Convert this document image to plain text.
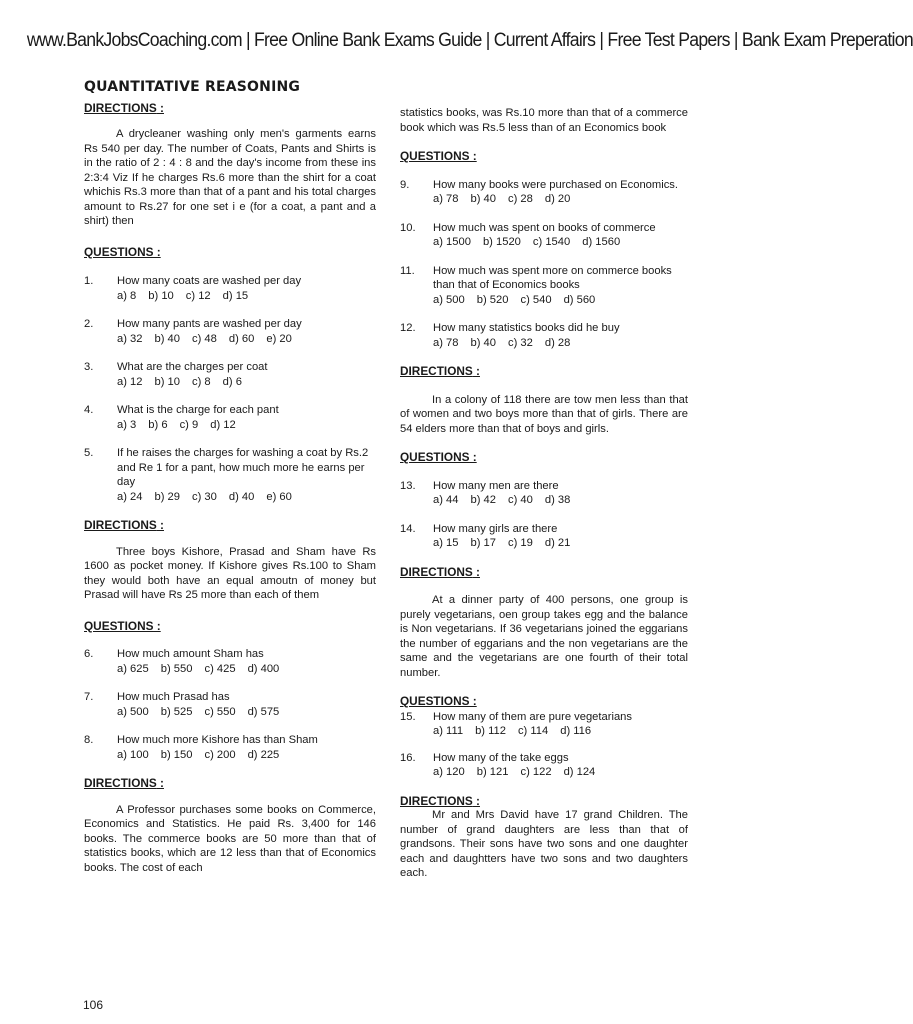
www.BankJobsCoaching.com | Free Online Bank Exams Guide | Current Affairs | Free Test Papers | Bank Exam Preperation
QUANTITATIVE REASONING
DIRECTIONS :

A drycleaner washing only men's garments earns Rs 540 per day. The number of Coats, Pants and Shirts is in the ratio of 2 : 4 : 8 and the day's income from these ins 2:3:4 Viz If he charges Rs.6 more than the shirt for a coat whichis Rs.3 more than that of a pant and his total charges amount to Rs.27 for one set i e (for a coat, a pant and a shirt) then

QUESTIONS :
1.	How many coats are washed per day
a) 8 b) 10 c) 12 d) 15
2.	How many pants are washed per day
a) 32 b) 40 c) 48 d) 60 e) 20
3.	What are the charges per coat
a) 12 b) 10 c) 8 d) 6
4.	What is the charge for each pant
a) 3 b) 6 c) 9 d) 12
5.	If he raises the charges for washing a coat by Rs.2 and Re 1 for a pant, how much more he earns per day
a) 24 b) 29 c) 30 d) 40 e) 60
DIRECTIONS :

Three boys Kishore, Prasad and Sham have Rs 1600 as pocket money. If Kishore gives Rs.100 to Sham they would both have an equal amoutn of money but Prasad will have Rs 25 more than each of them

QUESTIONS :
6.	How much amount Sham has
a) 625 b) 550 c) 425 d) 400
7.	How much Prasad has
a) 500 b) 525 c) 550 d) 575
8.	How much more Kishore has than Sham
a) 100 b) 150 c) 200 d) 225
DIRECTIONS :

A Professor purchases some books on Commerce, Economics and Statistics. He paid Rs. 3,400 for 146 books. The commerce books are 50 more than that of statistics books, which are 12 less than that of Economics books. The cost of each

statistics books, was Rs.10 more than that of a commerce book which was Rs.5 less than of an Economics book

QUESTIONS :
9.	How many books were purchased on Economics.
a) 78 b) 40 c) 28 d) 20
10.	How much was spent on books of commerce
a) 1500 b) 1520 c) 1540 d) 1560
11.	How much was spent more on commerce books than that of Economics books
a) 500 b) 520 c) 540 d) 560
12.	How many statistics books did he buy
a) 78 b) 40 c) 32 d) 28
DIRECTIONS :

In a colony of 118 there are tow men less than that of women and two boys more than that of girls. There are 54 elders more than that of boys and girls.

QUESTIONS :
13.	How many men are there
a) 44 b) 42 c) 40 d) 38
14.	How many girls are there
a) 15 b) 17 c) 19 d) 21
DIRECTIONS :

At a dinner party of 400 persons, one group is purely vegetarians, oen group takes egg and the balance is Non vegetarians. If 36 vegetarians joined the eggarians the number of eggarians and the non vegetarians are the same and the vegetarians are one fourth of their total number.

QUESTIONS :
15.	How many of them are pure vegetarians
a) 111 b) 112 c) 114 d) 116
16.	How many of the take eggs
a) 120 b) 121 c) 122 d) 124
DIRECTIONS :

Mr and Mrs David have 17 grand Children. The number of grand daughters are less than that of grandsons. Their sons have two sons and one daughter each and daughtters have two sons and two daughters each.

106
